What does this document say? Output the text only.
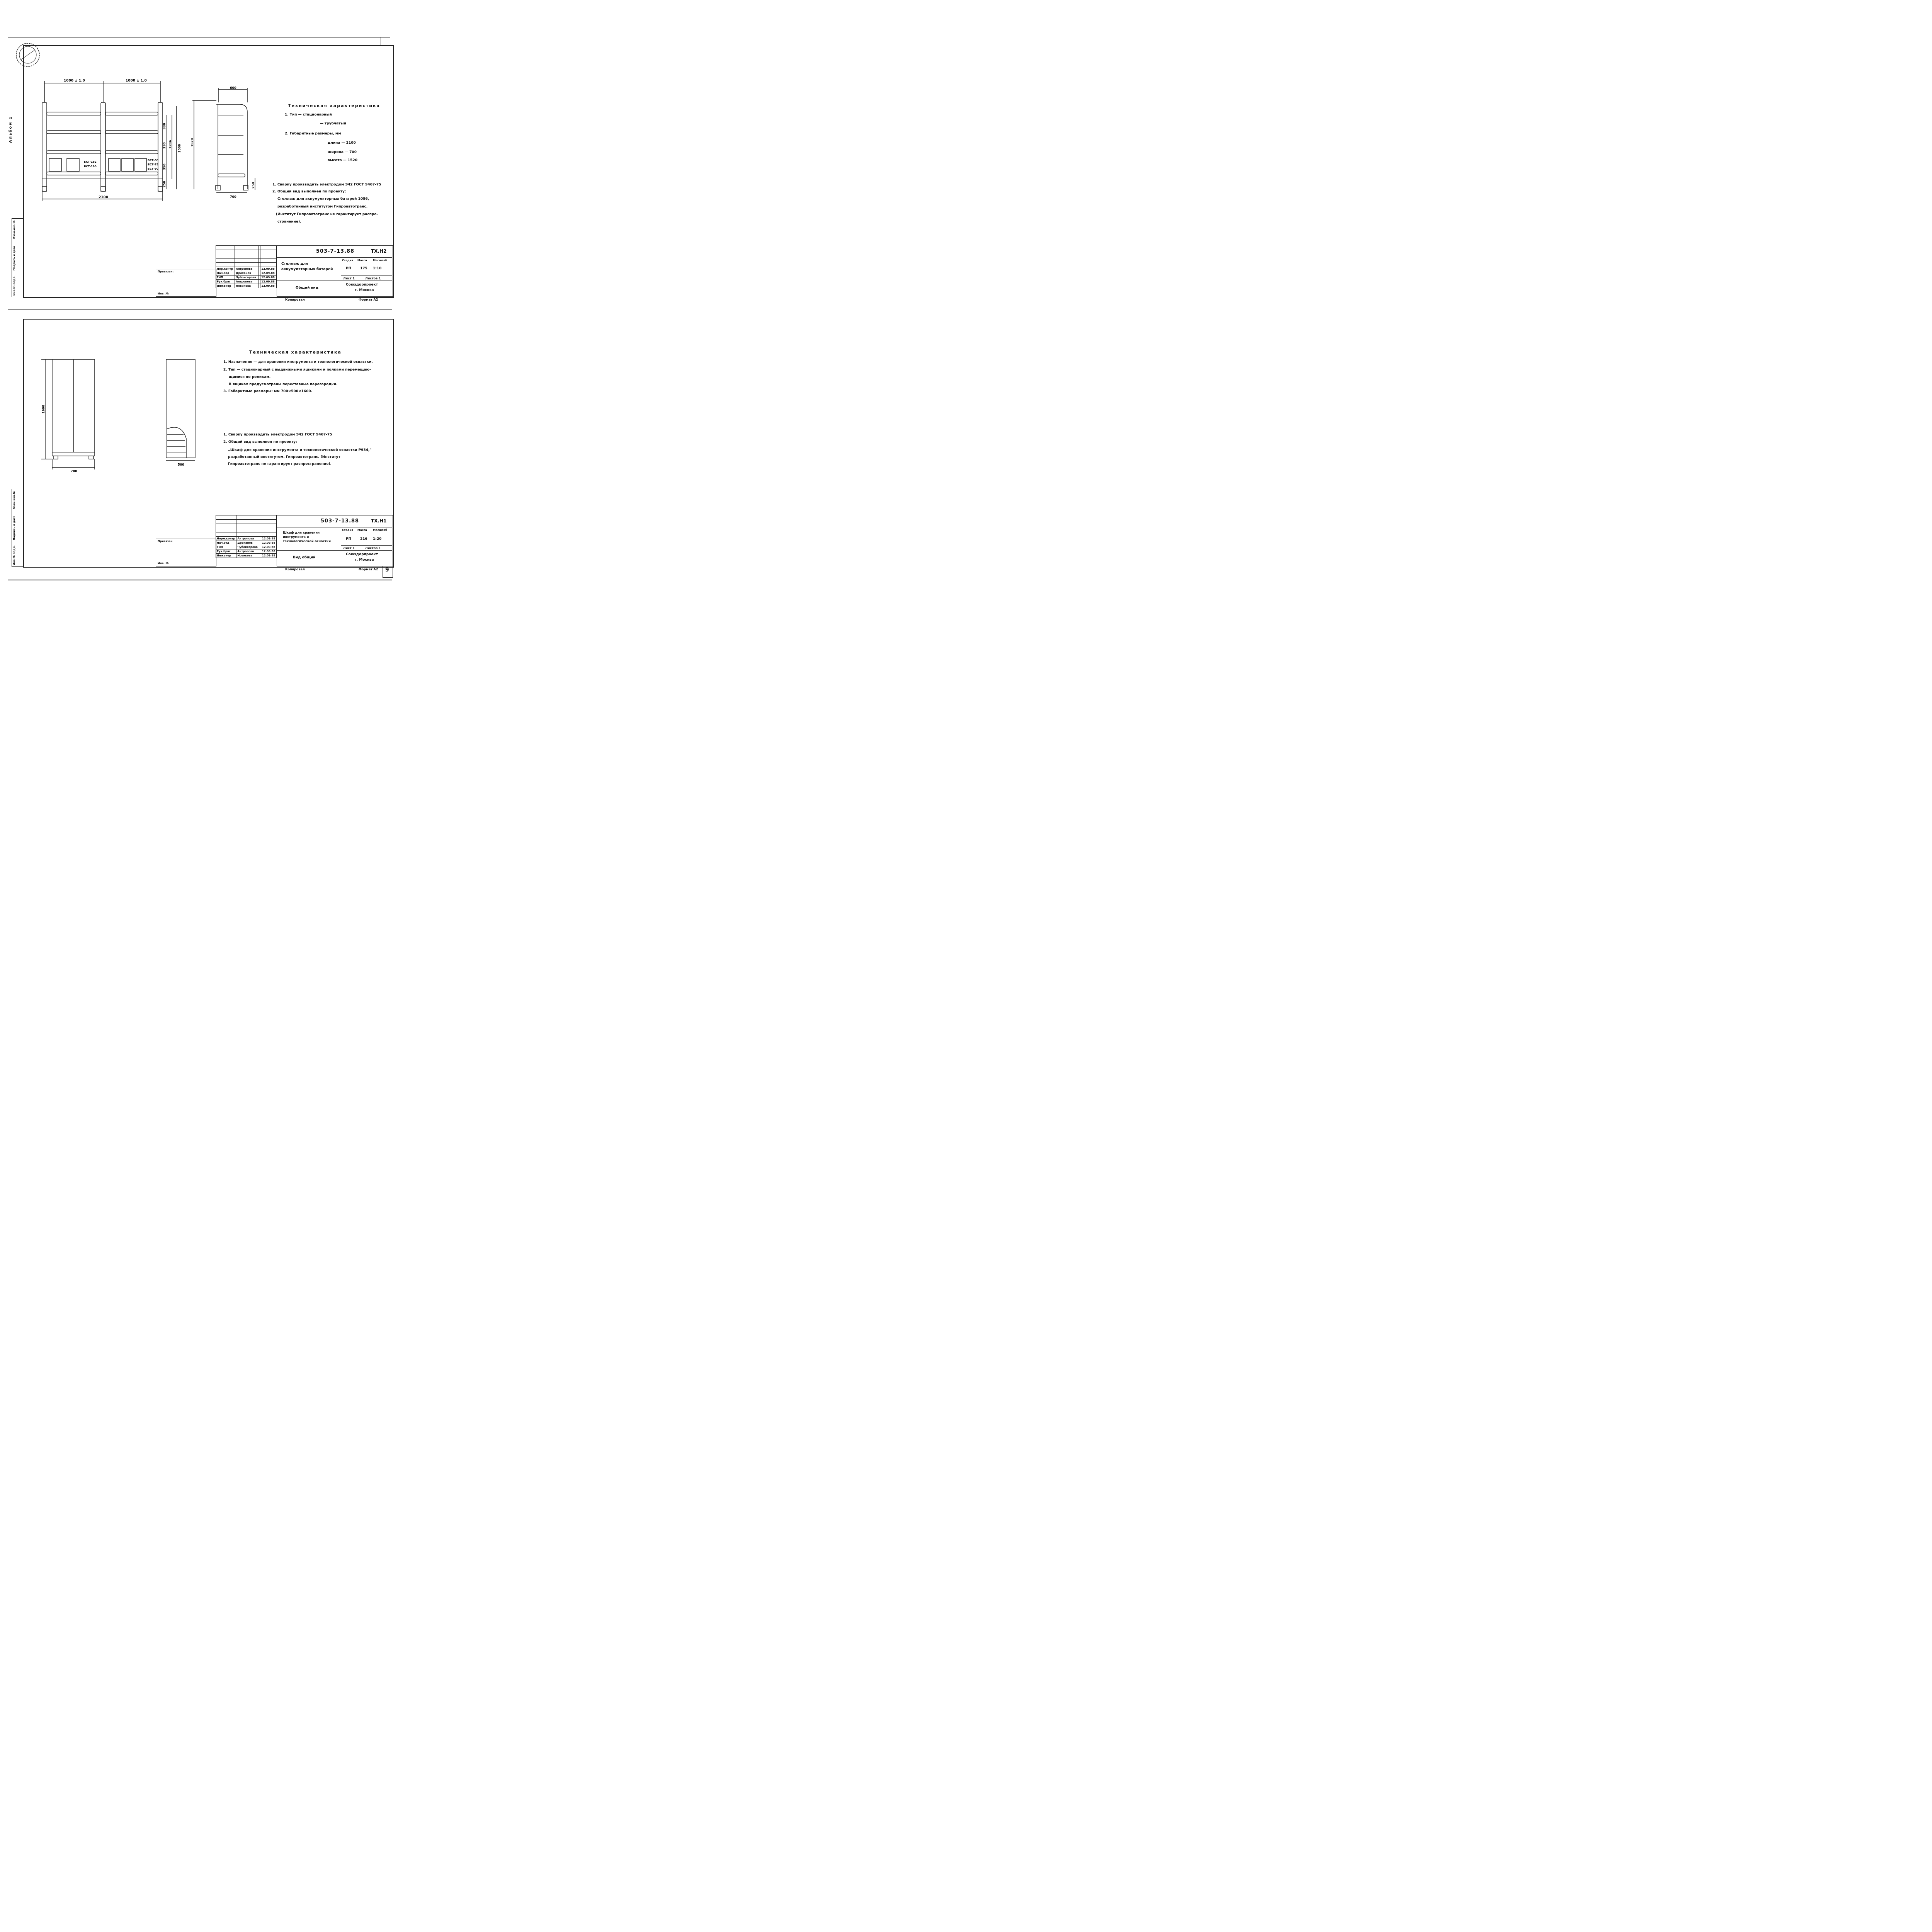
Альбом 1
1000 ± 1.0	1000 ± 1.0
2100
БСТ-182
БСТ-190
БСТ-60
БСТ-75
БСТ-90
330
330
350
250
1284 1500
600
1520
250
700
Техническая характеристика
1. Тип — стационарный
— трубчатый
2. Габаритные размеры, мм
длина — 2100
ширина — 700
высота — 1520
1. Сварку производить электродом Э42 ГОСТ 9467-75
2. Общий вид выполнен по проекту:
Стеллаж для аккумуляторных батарей 1086,
разработанный институтом Гипроавтотранс.
(Институт Гипроавтотранс не гарантирует распро-
странение).
Инв.№ подл.
Подпись и дата
Взам.инв.№
Привязан:
Инв. №

Нор.контр	Антропова		12.09.88
Нач.отд	Дроханов		12.09.88
ГИП	Чубоксарова		12.09.88
Рук.бриг	Антропова		12.09.88
Инженер	Новикова		12.09.88
503-7-13.88	ТХ.Н2
Стеллаж для аккумуляторных батарей
Общий вид
Стадия Масса Масштаб
РП	175 1:10
Лист 1	Листов 1
Союздорпроект
г. Москва
Копировал	Формат А2
1600
700
500
Техническая характеристика
1. Назначение — для хранения инструмента и технологической оснастки.
2. Тип — стационарный с выдвижными ящиками и полками перемещаю-
щимися по роликам.
В ящиках предусмотрены переставные перегородки.
3. Габаритные размеры: мм 700×500×1600.
1. Сварку производить электродом Э42 ГОСТ 9467-75
2. Общий вид выполнен по проекту:
„Шкаф для хранения инструмента и технологической оснастки Р934,"
разработанный институтом. Гипроавтотранс. (Институт
Гипроавтотранс не гарантирует распространение).
Инв.№ подл.
Подпись и дата
Взам.инв.№
Привязан
Инв. №

Норм.контр	Антропова		12.09.88
Нач.отд	Дроханов		12.09.88
ГИП	Чубоксарова		12.09.88
Рук.бриг	Антропова		12.09.88
Инженер	Новикова		12.09.88
503-7-13.88	ТХ.Н1
Шкаф для хранения инструмента и технологической оснастки
Вид общий
Стадия Масса Масштаб
РП	216 1:20
Лист 1	Листов 1
Союздорпроект
г. Москва
Копировал	Формат А2 9
